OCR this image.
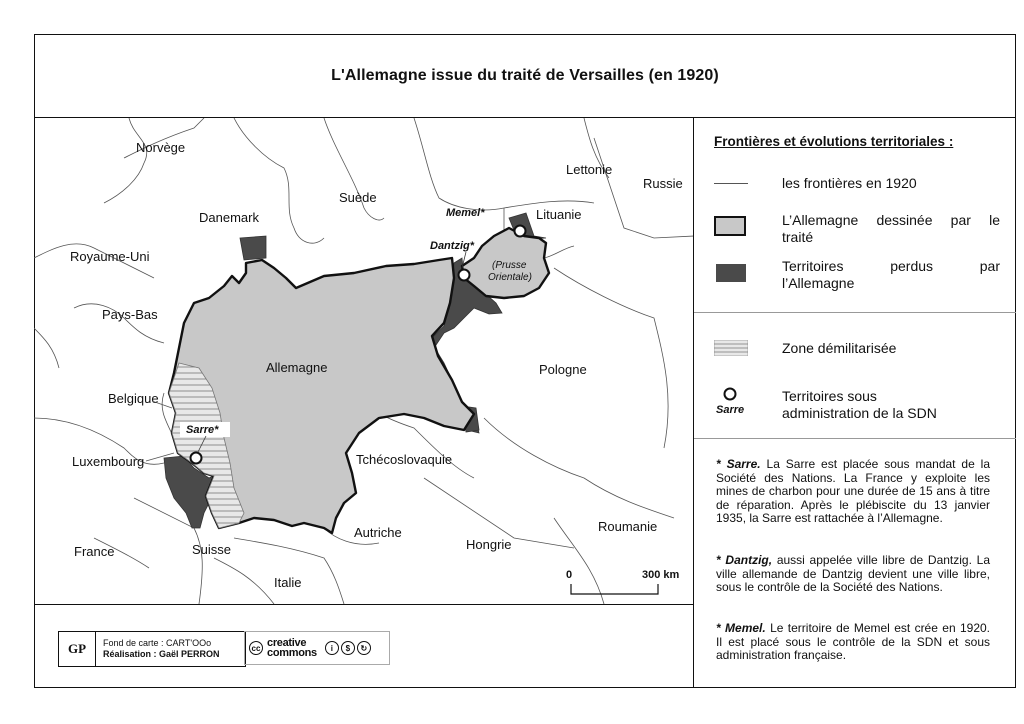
L'Allemagne issue du traité de Versailles (en 1920)
Norvège
Suède
Lettonie
Russie
Danemark	Lituanie
Royaume-Uni
Pays-Bas
Allemagne	Pologne
Belgique
Luxembourg	Tchécoslovaquie
Autriche
Hongrie
Roumanie
France	Suisse
Italie
Memel*
Dantzig*
(Prusse
Orientale)
Sarre*
0	300 km
GP	Fond de carte : CART'OOo
Réalisation : Gaël PERRON
cc creative
commons	i	$	↻
Frontières et évolutions territoriales :
les frontières en 1920
L’Allemagne dessinée par le
traité
Territoires perdus par
l’Allemagne
Zone démilitarisée
Sarre
Territoires sous
administration de la SDN
* Sarre. La Sarre est placée sous mandat de la Société des Nations. La France y exploite les mines de charbon pour une durée de 15 ans à titre de réparation. Après le plébiscite du 13 janvier 1935, la Sarre est rattachée à l’Allemagne.
* Dantzig, aussi appelée ville libre de Dantzig. La ville allemande de Dantzig devient une ville libre, sous le contrôle de la Société des Nations.
* Memel. Le territoire de Memel est crée en 1920. Il est placé sous le contrôle de la SDN et sous administration française.
